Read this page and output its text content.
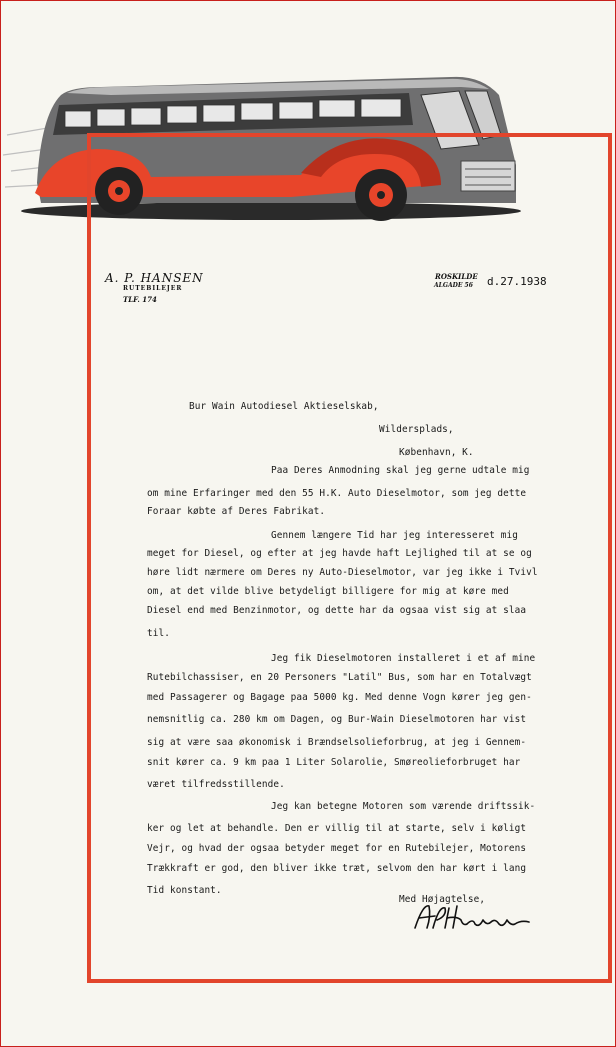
A. P. HANSEN
RUTEBILEJER
TLF. 174
ROSKILDE
ALGADE 56 d.27.1938
Bur Wain Autodiesel Aktieselskab,
Wildersplads,
København, K.
Paa Deres Anmodning skal jeg gerne udtale mig
om mine Erfaringer med den 55 H.K. Auto Dieselmotor, som jeg dette
Foraar købte af Deres Fabrikat.
Gennem længere Tid har jeg interesseret mig
meget for Diesel, og efter at jeg havde haft Lejlighed til at se og
høre lidt nærmere om Deres ny Auto-Dieselmotor, var jeg ikke i Tvivl
om, at det vilde blive betydeligt billigere for mig at køre med
Diesel end med Benzinmotor, og dette har da ogsaa vist sig at slaa
til.
Jeg fik Dieselmotoren installeret i et af mine
Rutebilchassiser, en 20 Personers "Latil" Bus, som har en Totalvægt
med Passagerer og Bagage paa 5000 kg. Med denne Vogn kører jeg gen-
nemsnitlig ca. 280 km om Dagen, og Bur-Wain Dieselmotoren har vist
sig at være saa økonomisk i Brændselsolieforbrug, at jeg i Gennem-
snit kører ca. 9 km paa 1 Liter Solarolie, Smøreolieforbruget har
været tilfredsstillende.
Jeg kan betegne Motoren som værende driftssik-
ker og let at behandle. Den er villig til at starte, selv i køligt
Vejr, og hvad der ogsaa betyder meget for en Rutebilejer, Motorens
Trækkraft er god, den bliver ikke træt, selvom den har kørt i lang
Tid konstant.
Med Højagtelse,
